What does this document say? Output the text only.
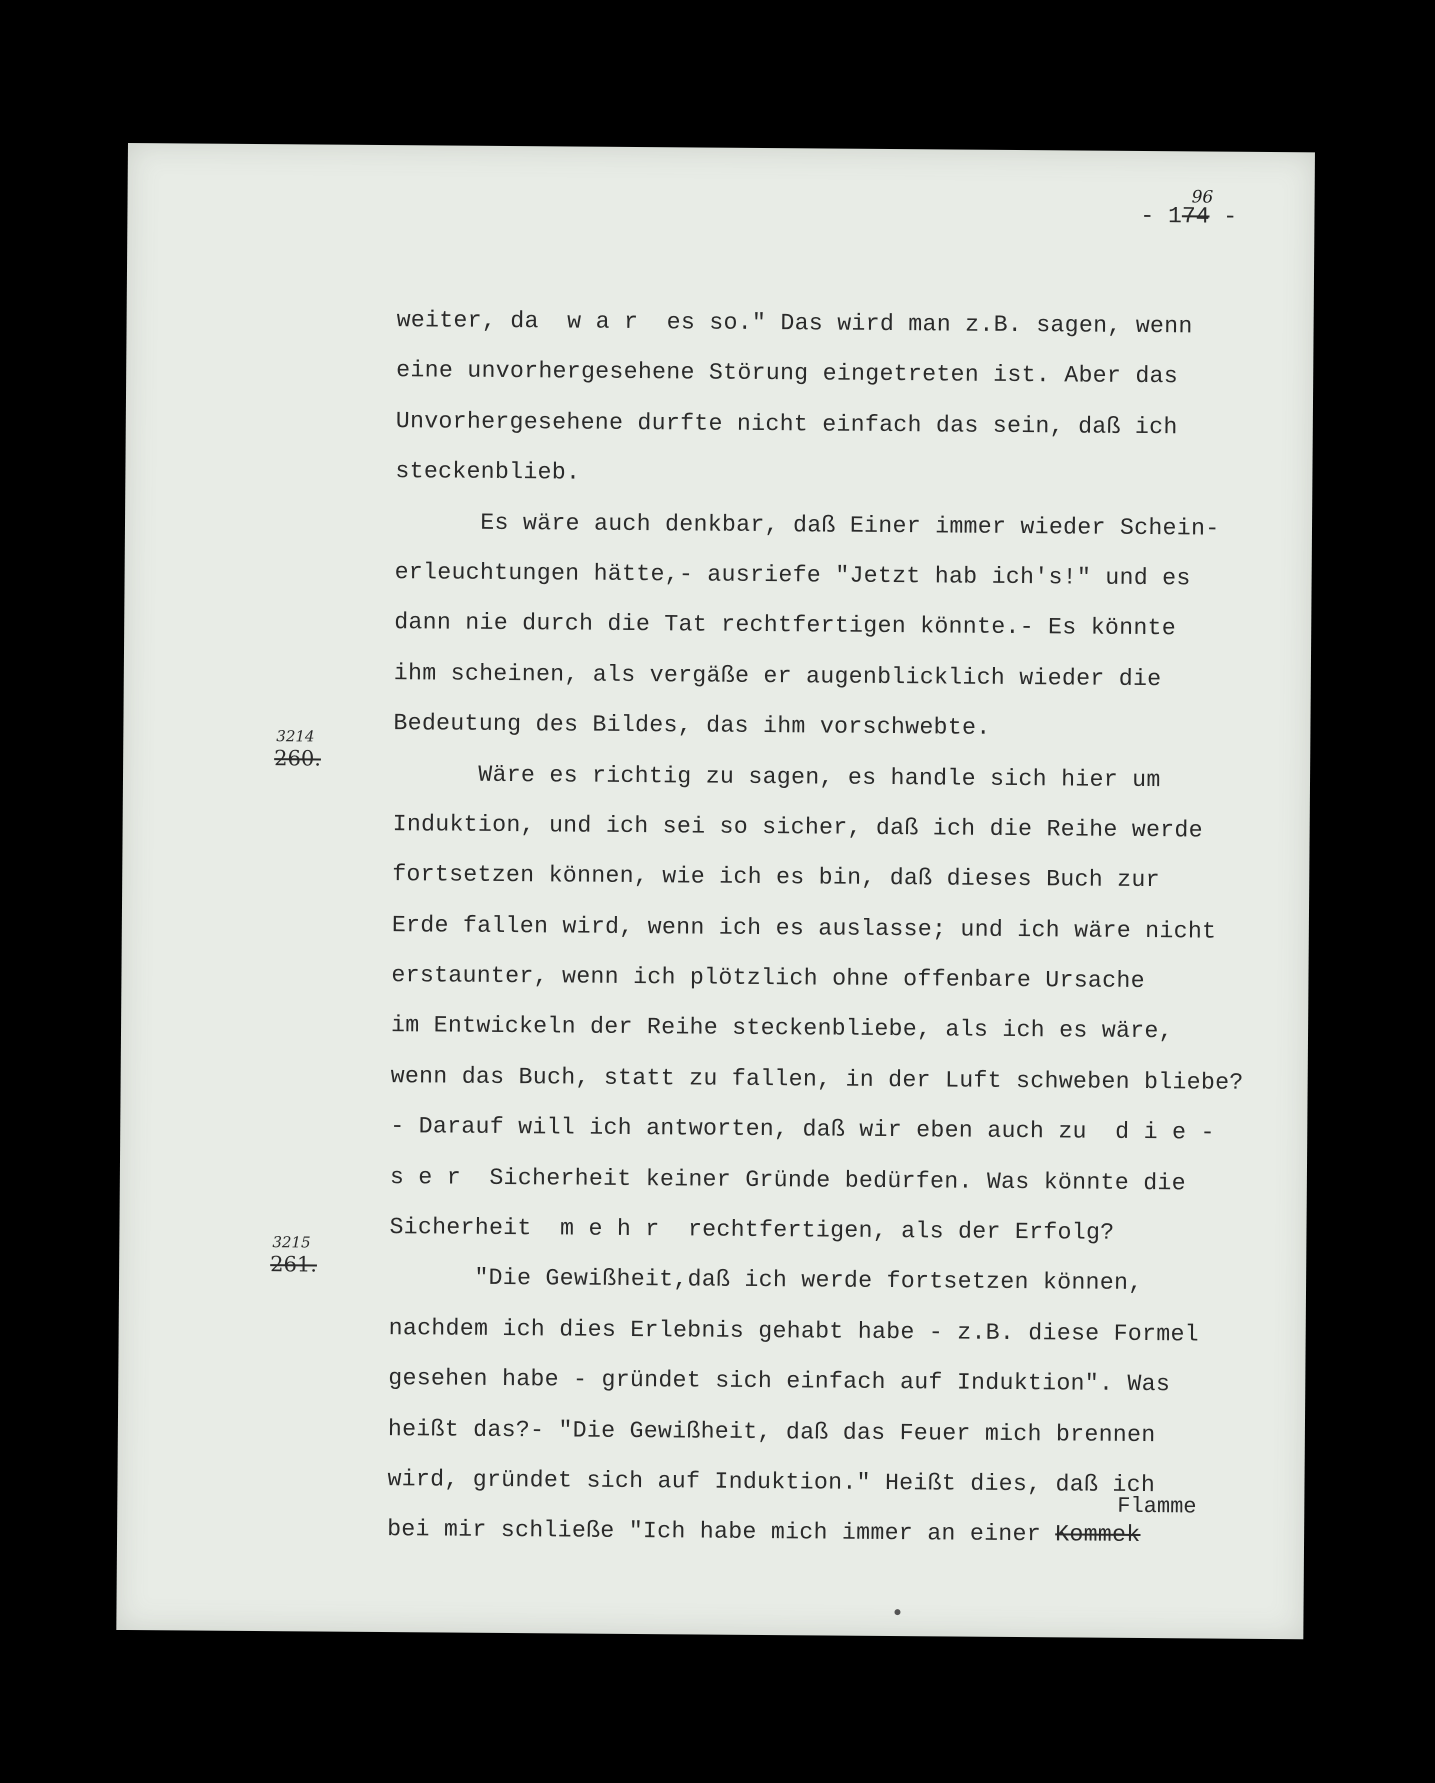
96
- 174 -
3214
260.
3215
261.
Flamme
weiter, da  w a r  es so." Das wird man z.B. sagen, wenn
eine unvorhergesehene Störung eingetreten ist. Aber das
Unvorhergesehene durfte nicht einfach das sein, daß ich
steckenblieb.
Es wäre auch denkbar, daß Einer immer wieder Schein-
erleuchtungen hätte,- ausriefe "Jetzt hab ich's!" und es
dann nie durch die Tat rechtfertigen könnte.- Es könnte
ihm scheinen, als vergäße er augenblicklich wieder die
Bedeutung des Bildes, das ihm vorschwebte.
Wäre es richtig zu sagen, es handle sich hier um
Induktion, und ich sei so sicher, daß ich die Reihe werde
fortsetzen können, wie ich es bin, daß dieses Buch zur
Erde fallen wird, wenn ich es auslasse; und ich wäre nicht
erstaunter, wenn ich plötzlich ohne offenbare Ursache
im Entwickeln der Reihe steckenbliebe, als ich es wäre,
wenn das Buch, statt zu fallen, in der Luft schweben bliebe?
- Darauf will ich antworten, daß wir eben auch zu  d i e -
s e r  Sicherheit keiner Gründe bedürfen. Was könnte die
Sicherheit  m e h r  rechtfertigen, als der Erfolg?
"Die Gewißheit,daß ich werde fortsetzen können,
nachdem ich dies Erlebnis gehabt habe - z.B. diese Formel
gesehen habe - gründet sich einfach auf Induktion". Was
heißt das?- "Die Gewißheit, daß das Feuer mich brennen
wird, gründet sich auf Induktion." Heißt dies, daß ich
bei mir schließe "Ich habe mich immer an einer Kommek
